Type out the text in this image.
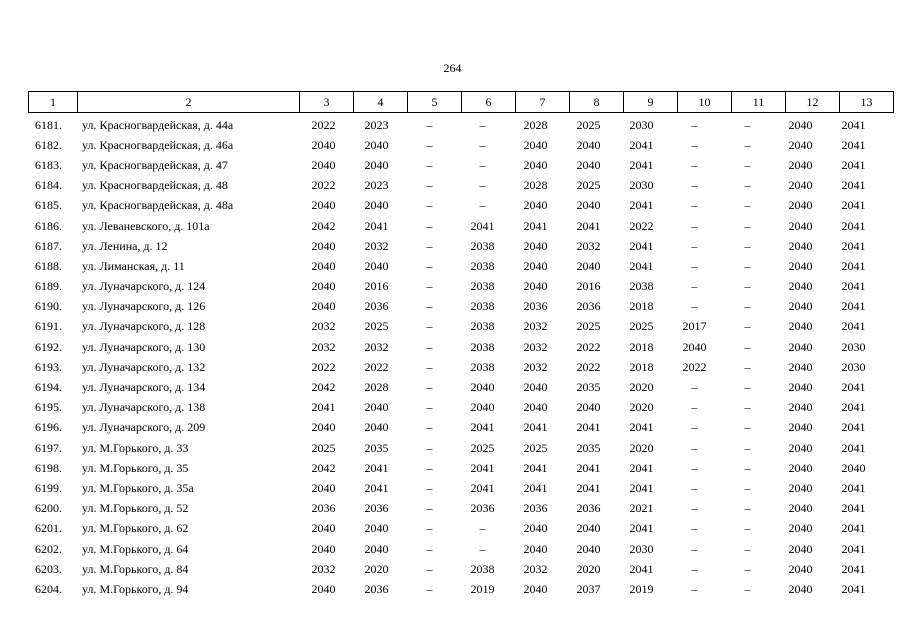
264
1	2	3	4	5	6	7	8	9	10	11	12	13
6181.	ул. Красногвардейская, д. 44а	2022	2023	–	–	2028	2025	2030	–	–	2040	2041
6182.	ул. Красногвардейская, д. 46а	2040	2040	–	–	2040	2040	2041	–	–	2040	2041
6183.	ул. Красногвардейская, д. 47	2040	2040	–	–	2040	2040	2041	–	–	2040	2041
6184.	ул. Красногвардейская, д. 48	2022	2023	–	–	2028	2025	2030	–	–	2040	2041
6185.	ул. Красногвардейская, д. 48а	2040	2040	–	–	2040	2040	2041	–	–	2040	2041
6186.	ул. Леваневского, д. 101а	2042	2041	–	2041	2041	2041	2022	–	–	2040	2041
6187.	ул. Ленина, д. 12	2040	2032	–	2038	2040	2032	2041	–	–	2040	2041
6188.	ул. Лиманская, д. 11	2040	2040	–	2038	2040	2040	2041	–	–	2040	2041
6189.	ул. Луначарского, д. 124	2040	2016	–	2038	2040	2016	2038	–	–	2040	2041
6190.	ул. Луначарского, д. 126	2040	2036	–	2038	2036	2036	2018	–	–	2040	2041
6191.	ул. Луначарского, д. 128	2032	2025	–	2038	2032	2025	2025	2017	–	2040	2041
6192.	ул. Луначарского, д. 130	2032	2032	–	2038	2032	2022	2018	2040	–	2040	2030
6193.	ул. Луначарского, д. 132	2022	2022	–	2038	2032	2022	2018	2022	–	2040	2030
6194.	ул. Луначарского, д. 134	2042	2028	–	2040	2040	2035	2020	–	–	2040	2041
6195.	ул. Луначарского, д. 138	2041	2040	–	2040	2040	2040	2020	–	–	2040	2041
6196.	ул. Луначарского, д. 209	2040	2040	–	2041	2041	2041	2041	–	–	2040	2041
6197.	ул. М.Горького, д. 33	2025	2035	–	2025	2025	2035	2020	–	–	2040	2041
6198.	ул. М.Горького, д. 35	2042	2041	–	2041	2041	2041	2041	–	–	2040	2040
6199.	ул. М.Горького, д. 35а	2040	2041	–	2041	2041	2041	2041	–	–	2040	2041
6200.	ул. М.Горького, д. 52	2036	2036	–	2036	2036	2036	2021	–	–	2040	2041
6201.	ул. М.Горького, д. 62	2040	2040	–	–	2040	2040	2041	–	–	2040	2041
6202.	ул. М.Горького, д. 64	2040	2040	–	–	2040	2040	2030	–	–	2040	2041
6203.	ул. М.Горького, д. 84	2032	2020	–	2038	2032	2020	2041	–	–	2040	2041
6204.	ул. М.Горького, д. 94	2040	2036	–	2019	2040	2037	2019	–	–	2040	2041
